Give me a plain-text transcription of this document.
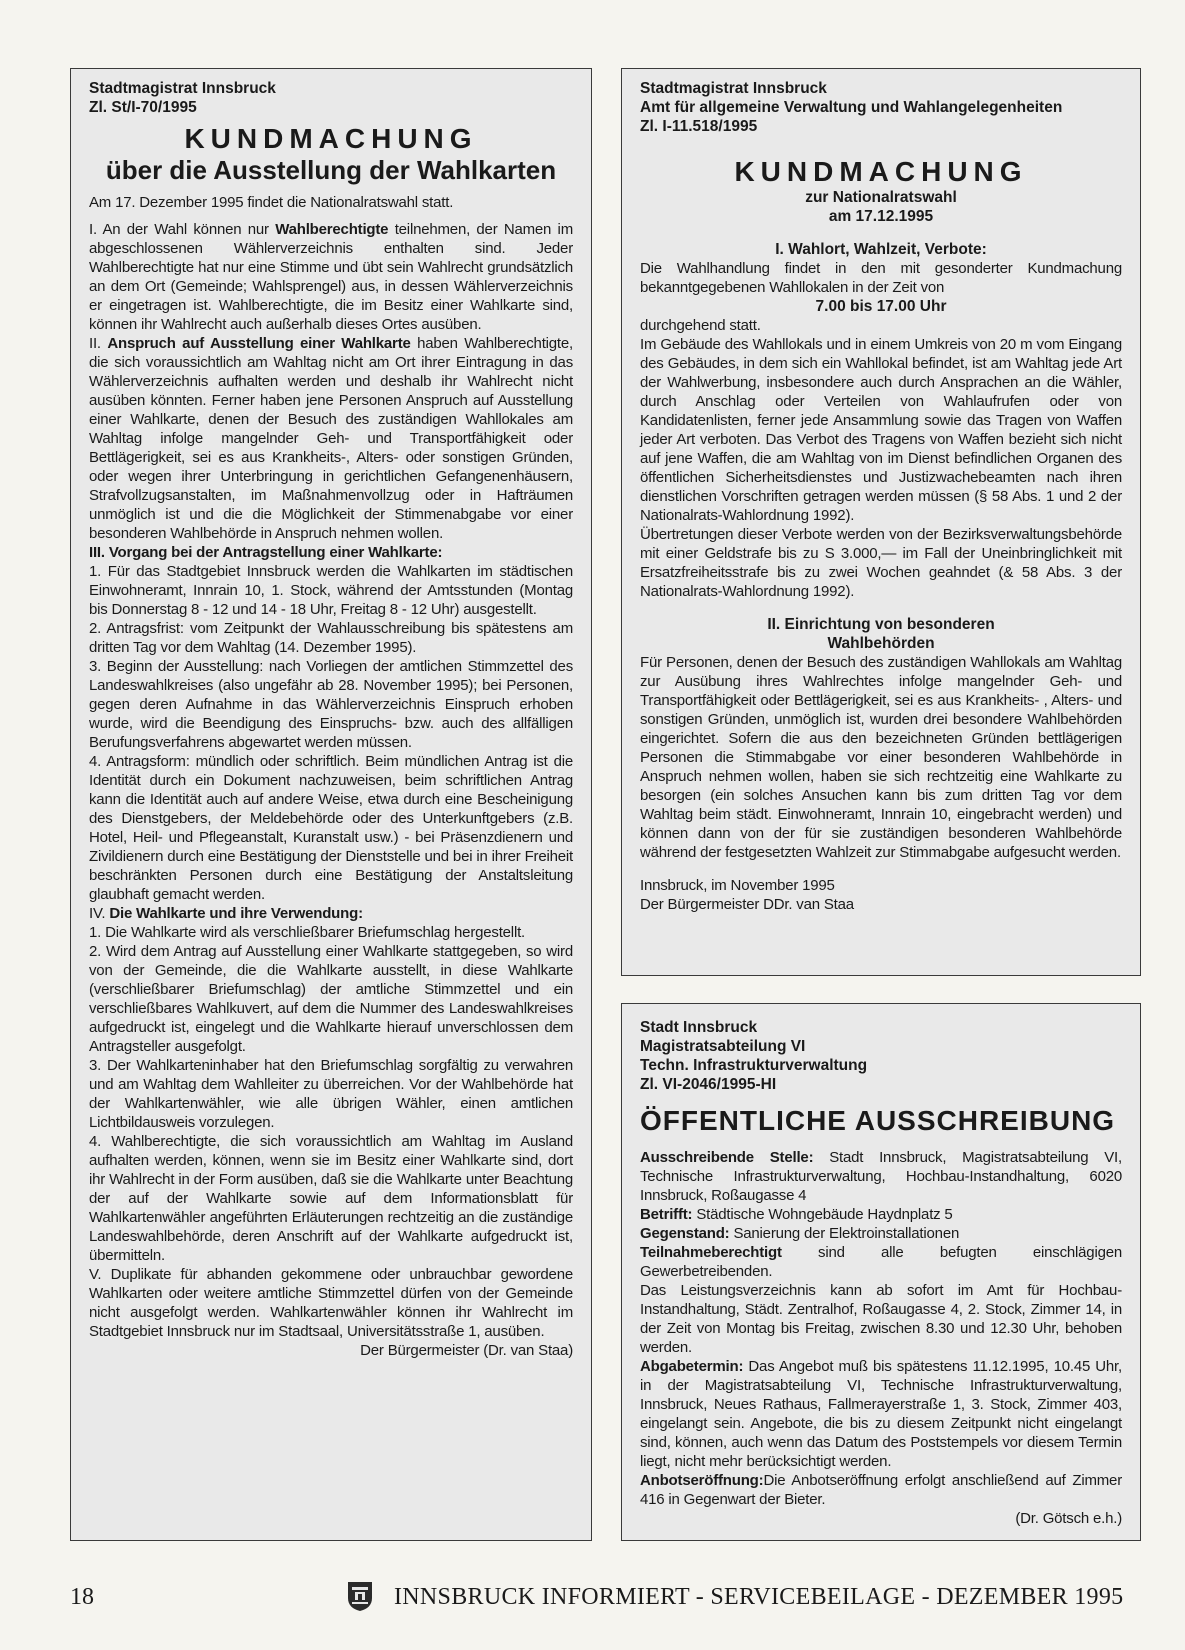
Stadtmagistrat Innsbruck
Zl. St/I-70/1995
KUNDMACHUNG
über die Ausstellung der Wahlkarten

Am 17. Dezember 1995 findet die Nationalratswahl statt.

I. An der Wahl können nur Wahlberechtigte teilnehmen, der Namen im abgeschlossenen Wählerverzeichnis enthalten sind. Jeder Wahlberechtigte hat nur eine Stimme und übt sein Wahlrecht grundsätzlich an dem Ort (Gemeinde; Wahlsprengel) aus, in dessen Wählerverzeichnis er eingetragen ist. Wahlberechtigte, die im Besitz einer Wahlkarte sind, können ihr Wahlrecht auch außerhalb dieses Ortes ausüben.

II. Anspruch auf Ausstellung einer Wahlkarte haben Wahlberechtigte, die sich voraussichtlich am Wahltag nicht am Ort ihrer Eintragung in das Wählerverzeichnis aufhalten werden und deshalb ihr Wahlrecht nicht ausüben könnten. Ferner haben jene Personen Anspruch auf Ausstellung einer Wahlkarte, denen der Besuch des zuständigen Wahllokales am Wahltag infolge mangelnder Geh- und Transportfähigkeit oder Bettlägerigkeit, sei es aus Krankheits-, Alters- oder sonstigen Gründen, oder wegen ihrer Unterbringung in gerichtlichen Gefangenenhäusern, Strafvollzugsanstalten, im Maßnahmenvollzug oder in Hafträumen unmöglich ist und die die Möglichkeit der Stimmenabgabe vor einer besonderen Wahlbehörde in Anspruch nehmen wollen.

III. Vorgang bei der Antragstellung einer Wahlkarte:

1. Für das Stadtgebiet Innsbruck werden die Wahlkarten im städtischen Einwohneramt, Innrain 10, 1. Stock, während der Amtsstunden (Montag bis Donnerstag 8 - 12 und 14 - 18 Uhr, Freitag 8 - 12 Uhr) ausgestellt.

2. Antragsfrist: vom Zeitpunkt der Wahlausschreibung bis spätestens am dritten Tag vor dem Wahltag (14. Dezember 1995).

3. Beginn der Ausstellung: nach Vorliegen der amtlichen Stimmzettel des Landeswahlkreises (also ungefähr ab 28. November 1995); bei Personen, gegen deren Aufnahme in das Wählerverzeichnis Einspruch erhoben wurde, wird die Beendigung des Einspruchs- bzw. auch des allfälligen Berufungsverfahrens abgewartet werden müssen.

4. Antragsform: mündlich oder schriftlich. Beim mündlichen Antrag ist die Identität durch ein Dokument nachzuweisen, beim schriftlichen Antrag kann die Identität auch auf andere Weise, etwa durch eine Bescheinigung des Dienstgebers, der Meldebehörde oder des Unterkunftgebers (z.B. Hotel, Heil- und Pflegeanstalt, Kuranstalt usw.) - bei Präsenzdienern und Zivildienern durch eine Bestätigung der Dienststelle und bei in ihrer Freiheit beschränkten Personen durch eine Bestätigung der Anstaltsleitung glaubhaft gemacht werden.

IV. Die Wahlkarte und ihre Verwendung:

1. Die Wahlkarte wird als verschließbarer Briefumschlag hergestellt.

2. Wird dem Antrag auf Ausstellung einer Wahlkarte stattgegeben, so wird von der Gemeinde, die die Wahlkarte ausstellt, in diese Wahlkarte (verschließbarer Briefumschlag) der amtliche Stimmzettel und ein verschließbares Wahlkuvert, auf dem die Nummer des Landeswahlkreises aufgedruckt ist, eingelegt und die Wahlkarte hierauf unverschlossen dem Antragsteller ausgefolgt.

3. Der Wahlkarteninhaber hat den Briefumschlag sorgfältig zu verwahren und am Wahltag dem Wahlleiter zu überreichen. Vor der Wahlbehörde hat der Wahlkartenwähler, wie alle übrigen Wähler, einen amtlichen Lichtbildausweis vorzulegen.

4. Wahlberechtigte, die sich voraussichtlich am Wahltag im Ausland aufhalten werden, können, wenn sie im Besitz einer Wahlkarte sind, dort ihr Wahlrecht in der Form ausüben, daß sie die Wahlkarte unter Beachtung der auf der Wahlkarte sowie auf dem Informationsblatt für Wahlkartenwähler angeführten Erläuterungen rechtzeitig an die zuständige Landeswahlbehörde, deren Anschrift auf der Wahlkarte aufgedruckt ist, übermitteln.

V. Duplikate für abhanden gekommene oder unbrauchbar gewordene Wahlkarten oder weitere amtliche Stimmzettel dürfen von der Gemeinde nicht ausgefolgt werden. Wahlkartenwähler können ihr Wahlrecht im Stadtgebiet Innsbruck nur im Stadtsaal, Universitätsstraße 1, ausüben.

Der Bürgermeister (Dr. van Staa)

Stadtmagistrat Innsbruck
Amt für allgemeine Verwaltung und Wahlangelegenheiten
Zl. I-11.518/1995
KUNDMACHUNG
zur Nationalratswahl
am 17.12.1995
I. Wahlort, Wahlzeit, Verbote:

Die Wahlhandlung findet in den mit gesonderter Kundmachung bekanntgegebenen Wahllokalen in der Zeit von

7.00 bis 17.00 Uhr

durchgehend statt.

Im Gebäude des Wahllokals und in einem Umkreis von 20 m vom Eingang des Gebäudes, in dem sich ein Wahllokal befindet, ist am Wahltag jede Art der Wahlwerbung, insbesondere auch durch Ansprachen an die Wähler, durch Anschlag oder Verteilen von Wahlaufrufen oder von Kandidatenlisten, ferner jede Ansammlung sowie das Tragen von Waffen jeder Art verboten. Das Verbot des Tragens von Waffen bezieht sich nicht auf jene Waffen, die am Wahltag von im Dienst befindlichen Organen des öffentlichen Sicherheitsdienstes und Justizwachebeamten nach ihren dienstlichen Vorschriften getragen werden müssen (§ 58 Abs. 1 und 2 der Nationalrats-Wahlordnung 1992).

Übertretungen dieser Verbote werden von der Bezirksverwaltungsbehörde mit einer Geldstrafe bis zu S 3.000,— im Fall der Uneinbringlichkeit mit Ersatzfreiheitsstrafe bis zu zwei Wochen geahndet (& 58 Abs. 3 der Nationalrats-Wahlordnung 1992).

II. Einrichtung von besonderen
Wahlbehörden

Für Personen, denen der Besuch des zuständigen Wahllokals am Wahltag zur Ausübung ihres Wahlrechtes infolge mangelnder Geh- und Transportfähigkeit oder Bettlägerigkeit, sei es aus Krankheits- , Alters- und sonstigen Gründen, unmöglich ist, wurden drei besondere Wahlbehörden eingerichtet. Sofern die aus den bezeichneten Gründen bettlägerigen Personen die Stimmabgabe vor einer besonderen Wahlbehörde in Anspruch nehmen wollen, haben sie sich rechtzeitig eine Wahlkarte zu besorgen (ein solches Ansuchen kann bis zum dritten Tag vor dem Wahltag beim städt. Einwohneramt, Innrain 10, eingebracht werden) und können dann von der für sie zuständigen besonderen Wahlbehörde während der festgesetzten Wahlzeit zur Stimmabgabe aufgesucht werden.

Innsbruck, im November 1995

Der Bürgermeister DDr. van Staa

Stadt Innsbruck
Magistratsabteilung VI
Techn. Infrastrukturverwaltung
Zl. VI-2046/1995-HI
ÖFFENTLICHE AUSSCHREIBUNG

Ausschreibende Stelle: Stadt Innsbruck, Magistratsabteilung VI, Technische Infrastrukturverwaltung, Hochbau-Instandhaltung, 6020 Innsbruck, Roßaugasse 4

Betrifft: Städtische Wohngebäude Haydnplatz 5

Gegenstand: Sanierung der Elektroinstallationen

Teilnahmeberechtigt sind alle befugten einschlägigen Gewerbetreibenden.

Das Leistungsverzeichnis kann ab sofort im Amt für Hochbau-Instandhaltung, Städt. Zentralhof, Roßaugasse 4, 2. Stock, Zimmer 14, in der Zeit von Montag bis Freitag, zwischen 8.30 und 12.30 Uhr, behoben werden.

Abgabetermin: Das Angebot muß bis spätestens 11.12.1995, 10.45 Uhr, in der Magistratsabteilung VI, Technische Infrastrukturverwaltung, Innsbruck, Neues Rathaus, Fallmerayerstraße 1, 3. Stock, Zimmer 403, eingelangt sein. Angebote, die bis zu diesem Zeitpunkt nicht eingelangt sind, können, auch wenn das Datum des Poststempels vor diesem Termin liegt, nicht mehr berücksichtigt werden.

Anbotseröffnung:Die Anbotseröffnung erfolgt anschließend auf Zimmer 416 in Gegenwart der Bieter.

(Dr. Götsch e.h.)

18	INNSBRUCK INFORMIERT - SERVICEBEILAGE - DEZEMBER 1995
